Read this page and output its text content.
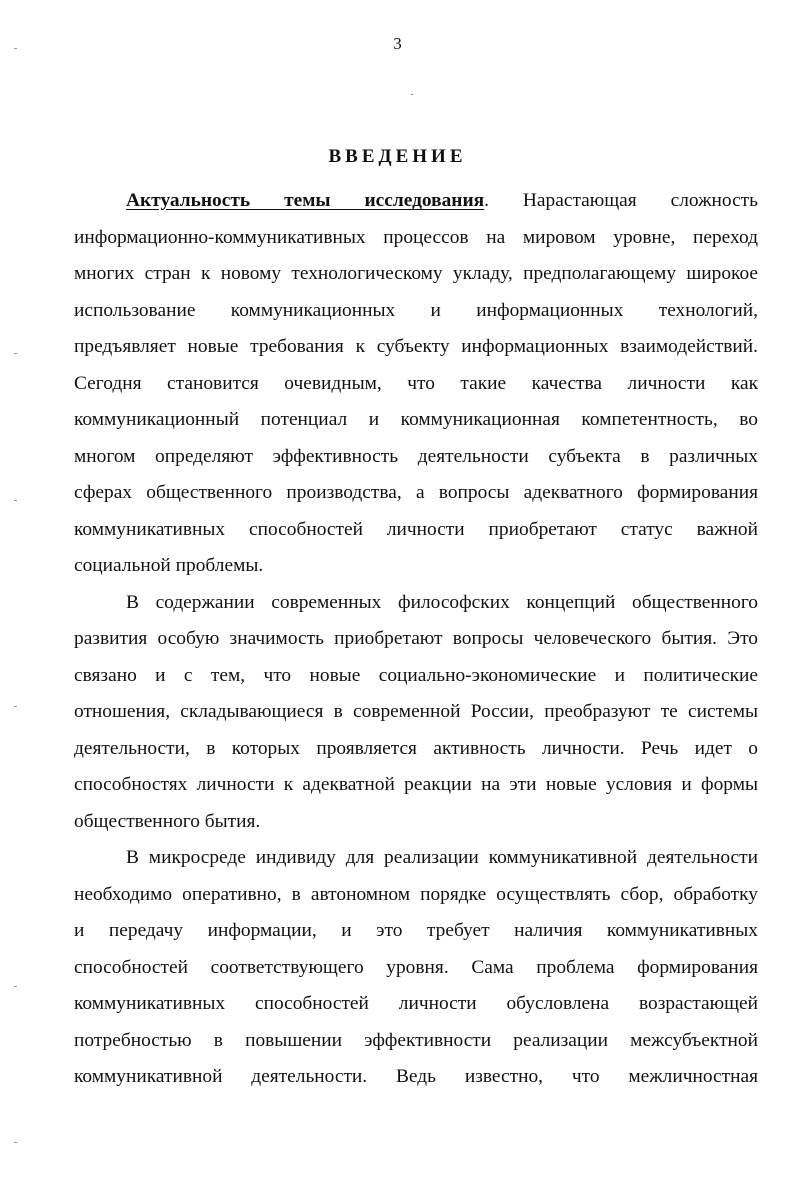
3
ВВЕДЕНИЕ
Актуальность темы исследования. Нарастающая сложность
информационно-коммуникативных процессов на мировом уровне, переход
многих стран к новому технологическому укладу, предполагающему широкое
использование коммуникационных и информационных технологий,
предъявляет новые требования к субъекту информационных взаимодействий.
Сегодня становится очевидным, что такие качества личности как
коммуникационный потенциал и коммуникационная компетентность, во
многом определяют эффективность деятельности субъекта в различных
сферах общественного производства, а вопросы адекватного формирования
коммуникативных способностей личности приобретают статус важной
социальной проблемы.
В содержании современных философских концепций общественного
развития особую значимость приобретают вопросы человеческого бытия. Это
связано и с тем, что новые социально-экономические и политические
отношения, складывающиеся в современной России, преобразуют те системы
деятельности, в которых проявляется активность личности. Речь идет о
способностях личности к адекватной реакции на эти новые условия и формы
общественного бытия.
В микросреде индивиду для реализации коммуникативной деятельности
необходимо оперативно, в автономном порядке осуществлять сбор, обработку
и передачу информации, и это требует наличия коммуникативных
способностей соответствующего уровня. Сама проблема формирования
коммуникативных способностей личности обусловлена возрастающей
потребностью в повышении эффективности реализации межсубъектной
коммуникативной деятельности. Ведь известно, что межличностная
